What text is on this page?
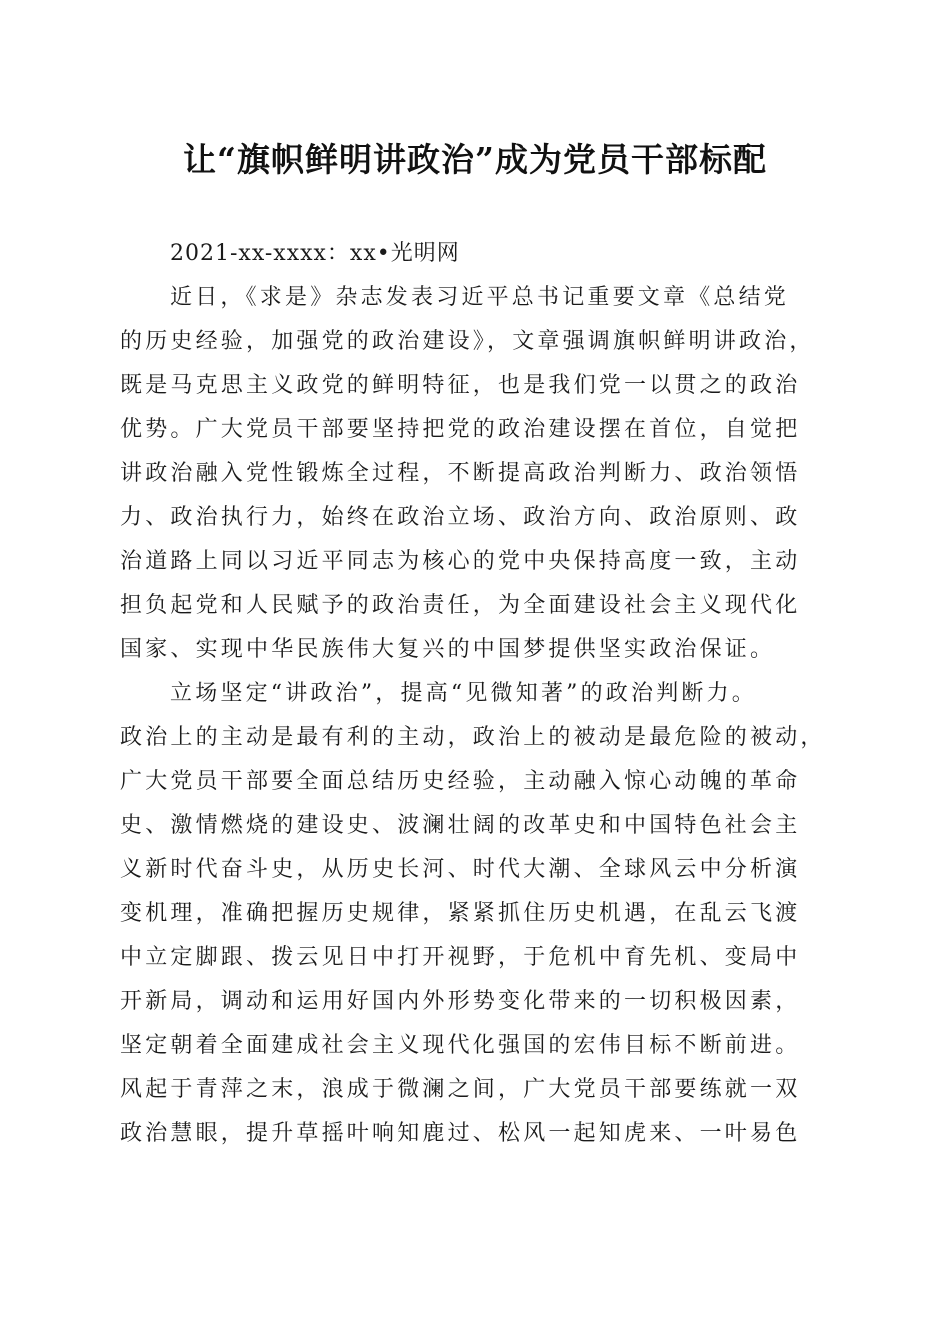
让“旗帜鲜明讲政治”成为党员干部标配
2021-xx-xxxx：xx•光明网
近日，《求是》杂志发表习近平总书记重要文章《总结党
的历史经验，加强党的政治建设》，文章强调旗帜鲜明讲政治，
既是马克思主义政党的鲜明特征，也是我们党一以贯之的政治
优势。广大党员干部要坚持把党的政治建设摆在首位，自觉把
讲政治融入党性锻炼全过程，不断提高政治判断力、政治领悟
力、政治执行力，始终在政治立场、政治方向、政治原则、政
治道路上同以习近平同志为核心的党中央保持高度一致，主动
担负起党和人民赋予的政治责任，为全面建设社会主义现代化
国家、实现中华民族伟大复兴的中国梦提供坚实政治保证。
立场坚定“讲政治”，提高“见微知著”的政治判断力。
政治上的主动是最有利的主动，政治上的被动是最危险的被动，
广大党员干部要全面总结历史经验，主动融入惊心动魄的革命
史、激情燃烧的建设史、波澜壮阔的改革史和中国特色社会主
义新时代奋斗史，从历史长河、时代大潮、全球风云中分析演
变机理，准确把握历史规律，紧紧抓住历史机遇，在乱云飞渡
中立定脚跟、拨云见日中打开视野，于危机中育先机、变局中
开新局，调动和运用好国内外形势变化带来的一切积极因素，
坚定朝着全面建成社会主义现代化强国的宏伟目标不断前进。
风起于青萍之末，浪成于微澜之间，广大党员干部要练就一双
政治慧眼，提升草摇叶响知鹿过、松风一起知虎来、一叶易色
